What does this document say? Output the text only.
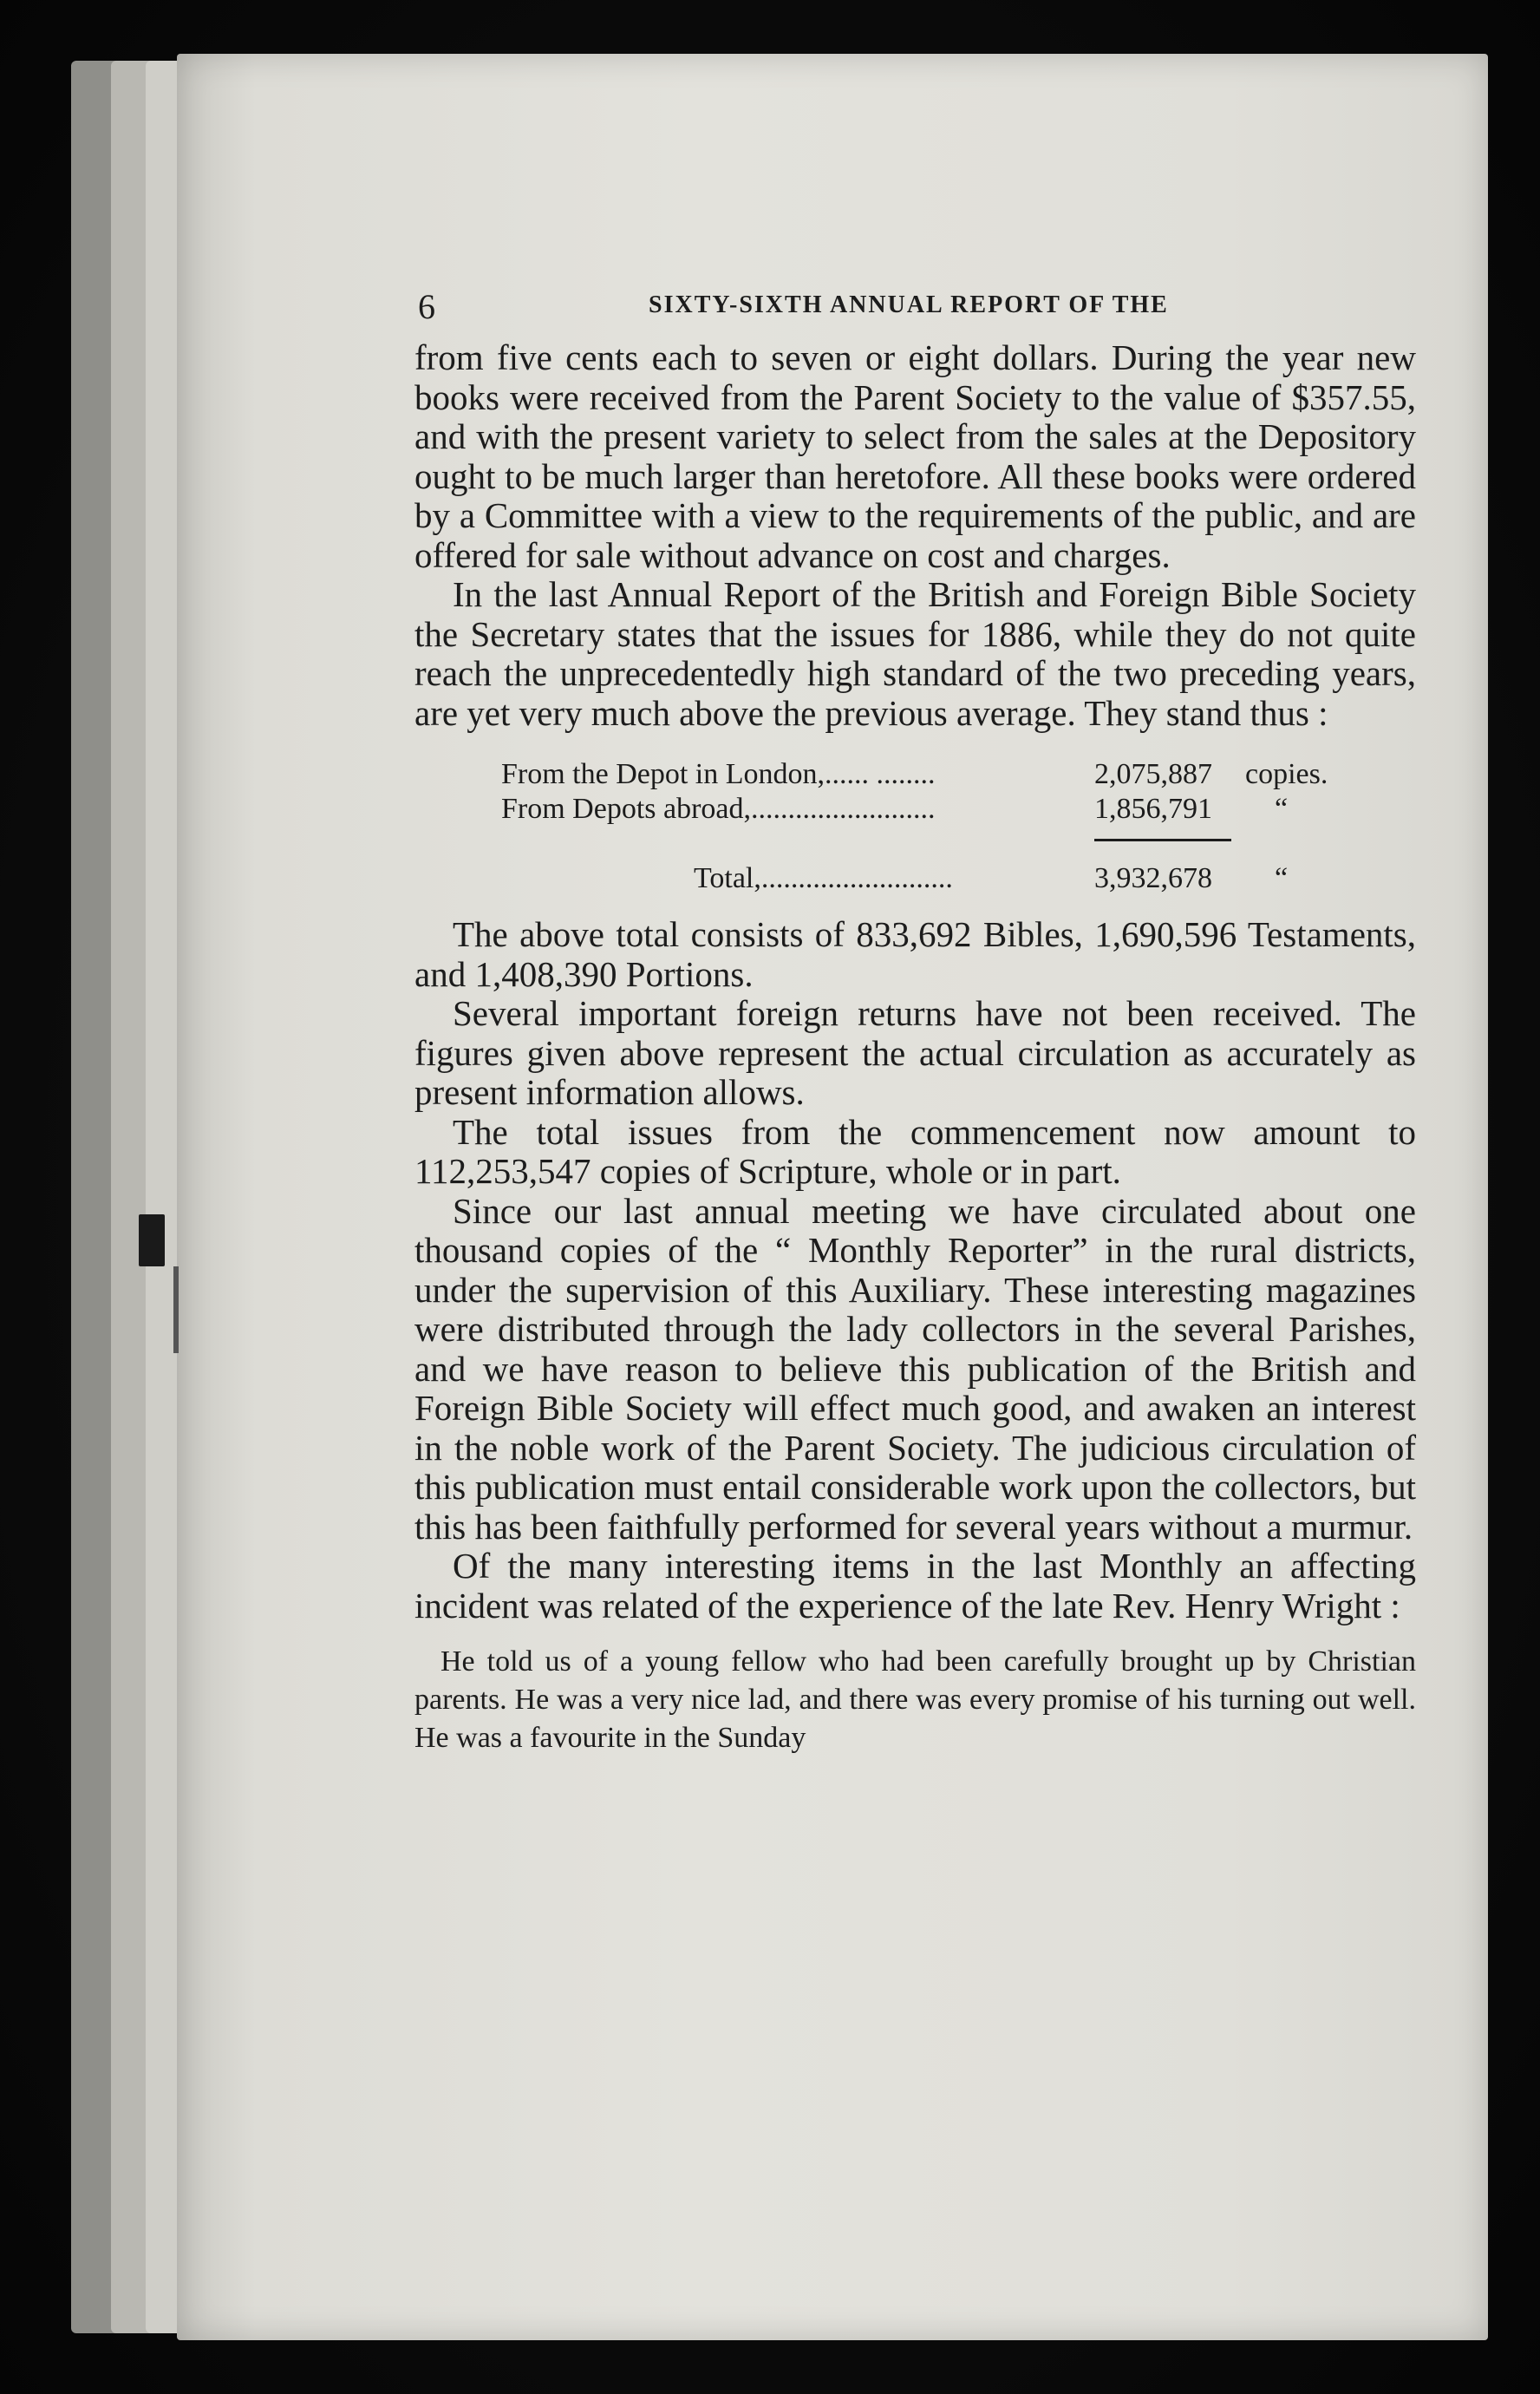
6	SIXTY-SIXTH ANNUAL REPORT OF THE

from five cents each to seven or eight dollars. During the year new books were received from the Parent Society to the value of $357.55, and with the present variety to select from the sales at the Depository ought to be much larger than heretofore. All these books were ordered by a Committee with a view to the requirements of the public, and are offered for sale without advance on cost and charges.

In the last Annual Report of the British and Foreign Bible Society the Secretary states that the issues for 1886, while they do not quite reach the unprecedentedly high standard of the two preceding years, are yet very much above the previous average. They stand thus :

From the Depot in London,...... ........	2,075,887 copies.
From Depots abroad,.........................	1,856,791 “
Total,..........................	3,932,678 “

The above total consists of 833,692 Bibles, 1,690,596 Testaments, and 1,408,390 Portions.

Several important foreign returns have not been received. The figures given above represent the actual circulation as accurately as present information allows.

The total issues from the commencement now amount to 112,253,547 copies of Scripture, whole or in part.

Since our last annual meeting we have circulated about one thousand copies of the “ Monthly Reporter” in the rural districts, under the supervision of this Auxiliary. These interesting magazines were distributed through the lady collectors in the several Parishes, and we have reason to believe this publication of the British and Foreign Bible Society will effect much good, and awaken an interest in the noble work of the Parent Society. The judicious circulation of this publication must entail considerable work upon the collectors, but this has been faithfully performed for several years without a murmur.

Of the many interesting items in the last Monthly an affecting incident was related of the experience of the late Rev. Henry Wright :

He told us of a young fellow who had been carefully brought up by Christian parents. He was a very nice lad, and there was every promise of his turning out well. He was a favourite in the Sunday
